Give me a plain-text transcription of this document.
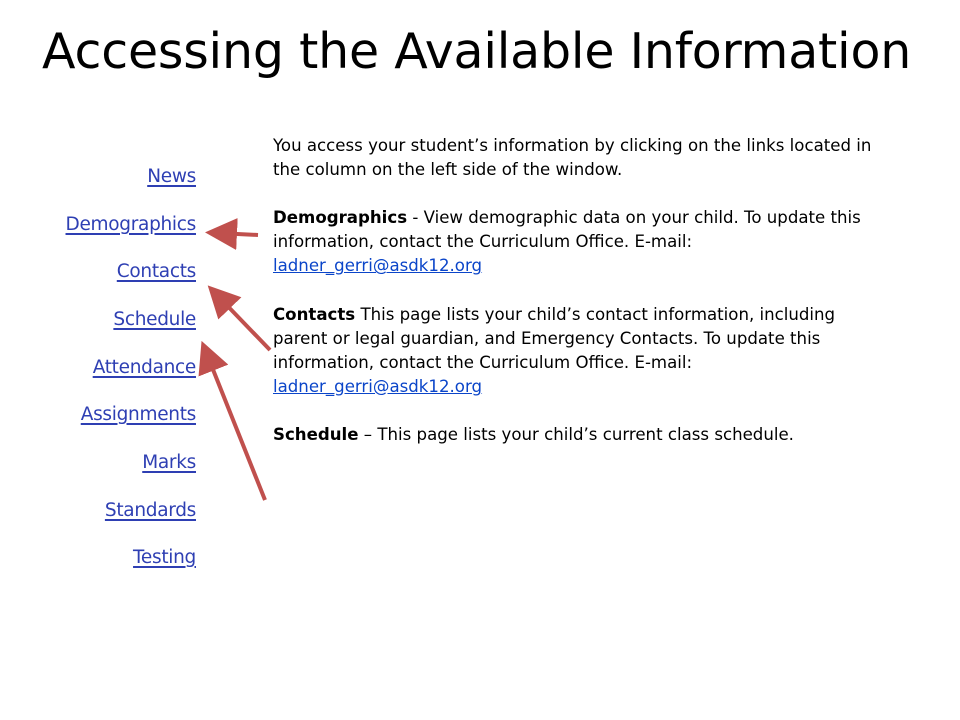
Accessing the Available Information
News
Demographics
Contacts
Schedule
Attendance
Assignments
Marks
Standards
Testing

You access your student’s information by clicking on the links located in the column on the left side of the window.

Demographics - View demographic data on your child. To update this information, contact the Curriculum Office. E-mail: ladner_gerri@asdk12.org

Contacts This page lists your child’s contact information, including parent or legal guardian, and Emergency Contacts. To update this information, contact the Curriculum Office. E-mail: ladner_gerri@asdk12.org

Schedule – This page lists your child’s current class schedule.
